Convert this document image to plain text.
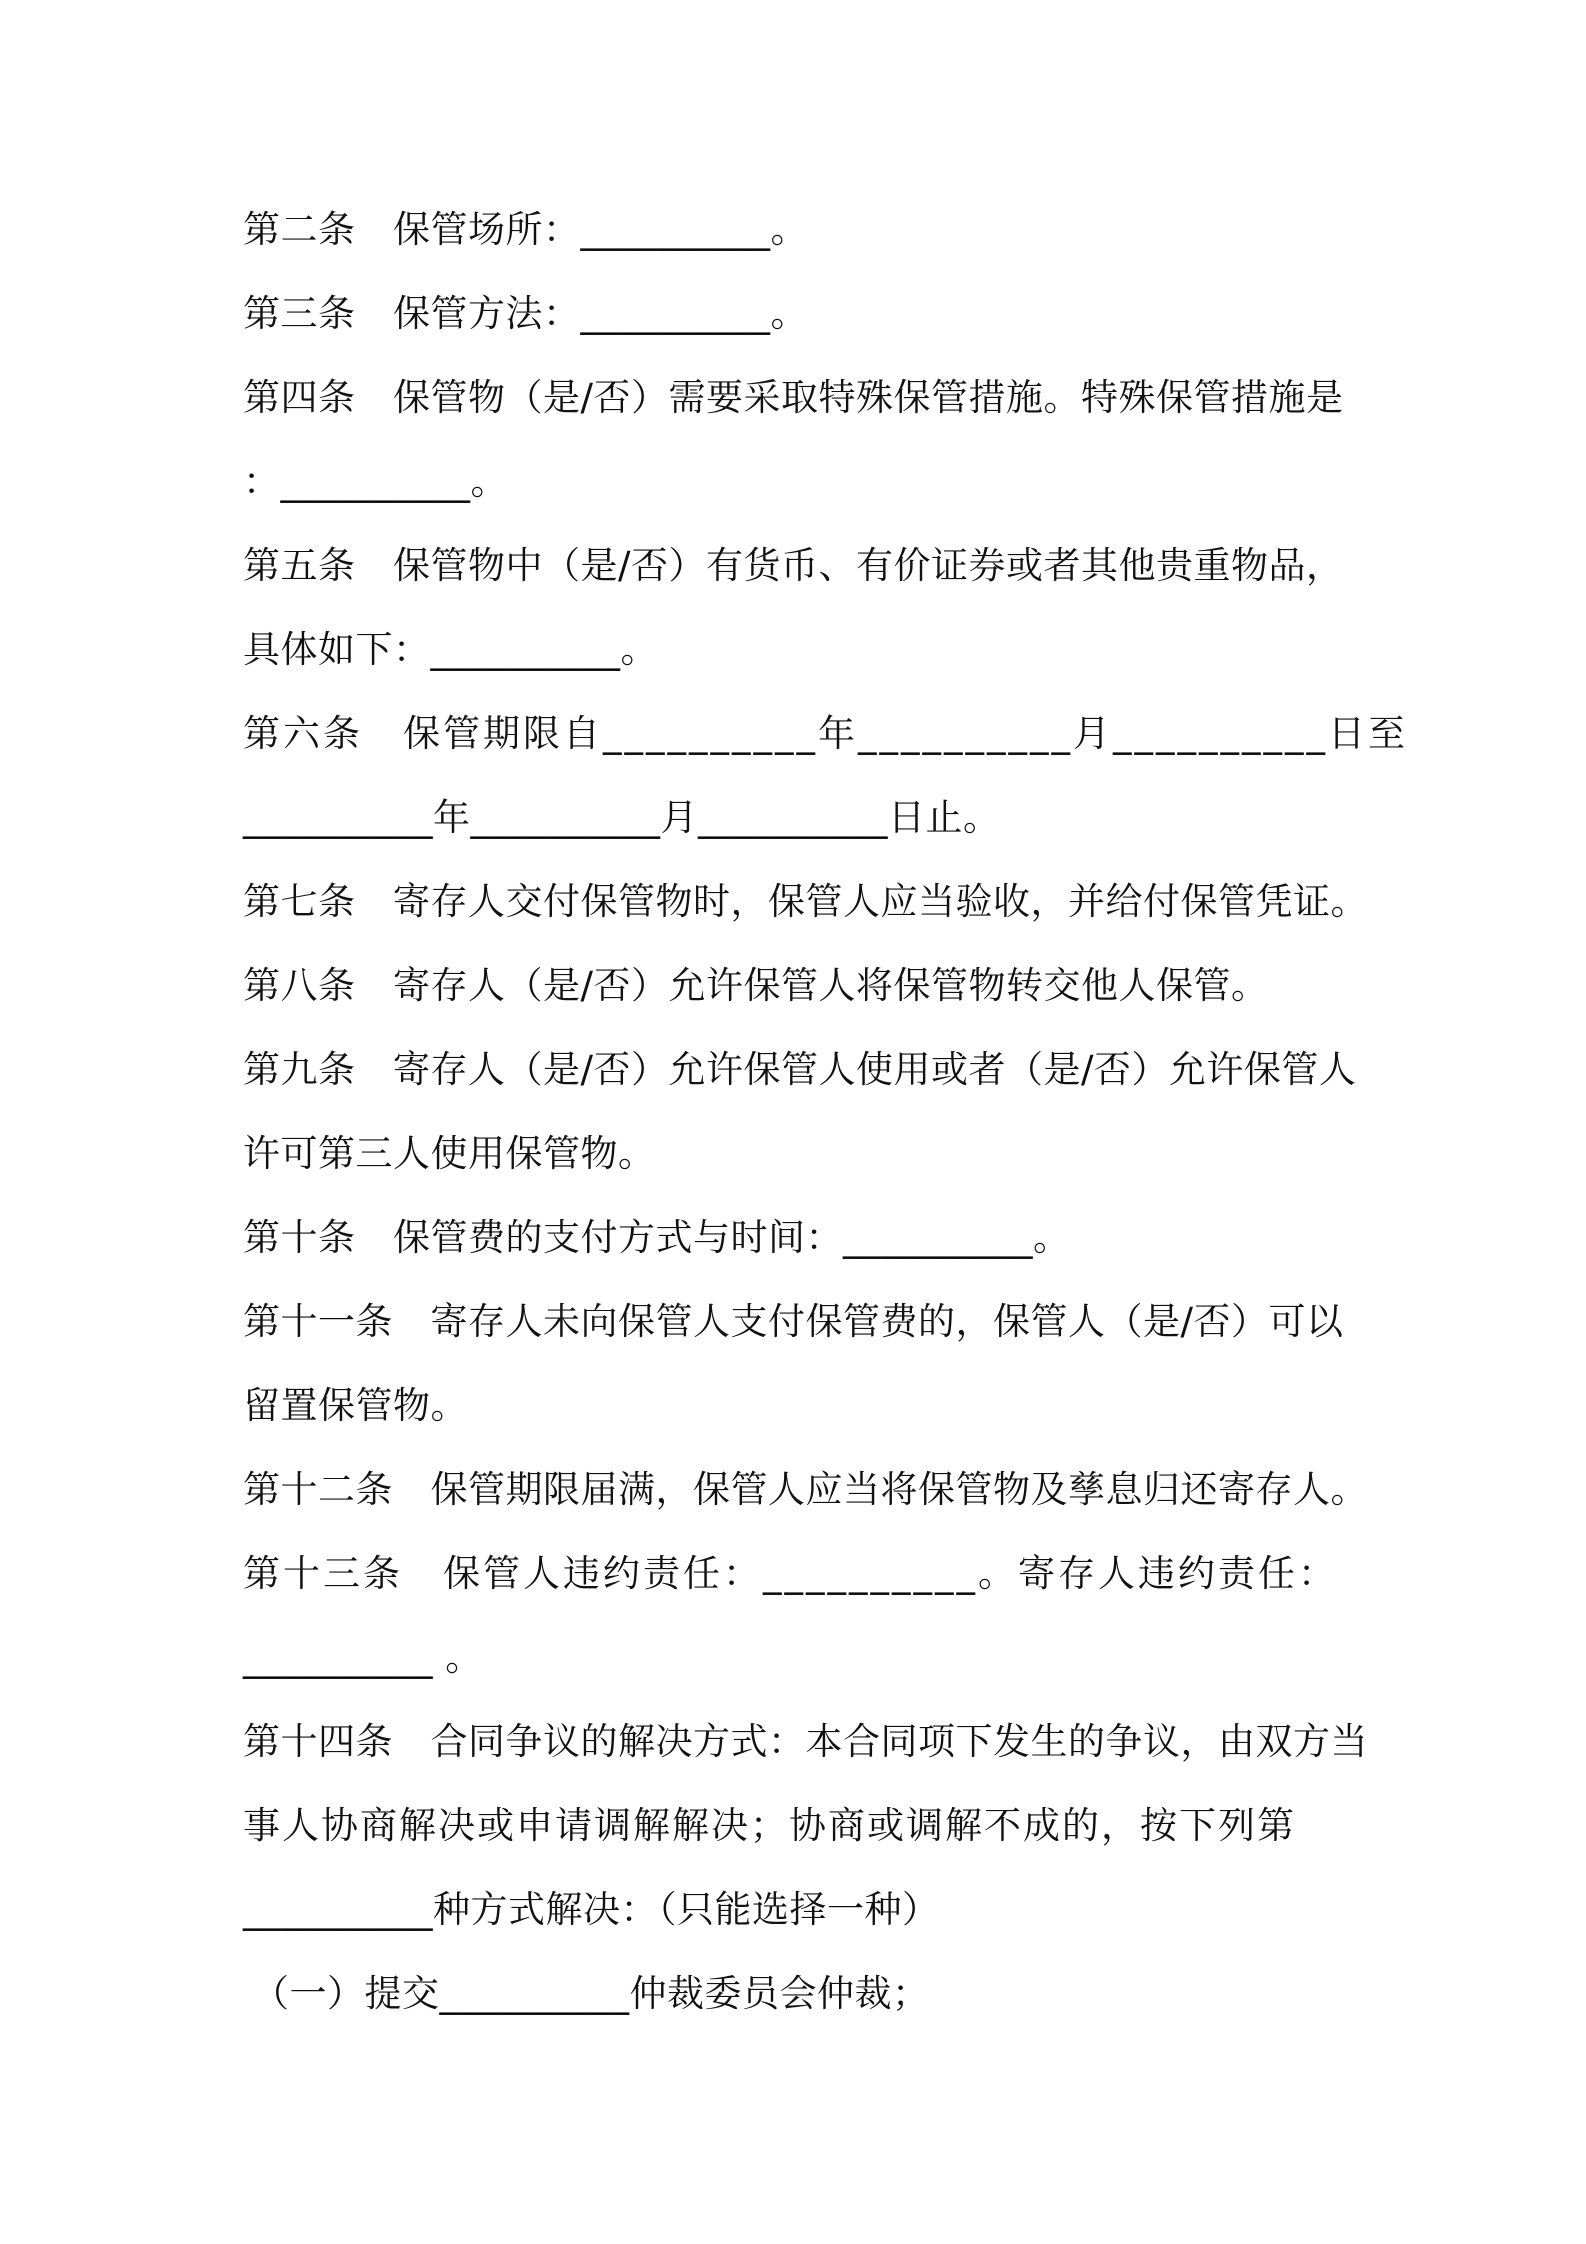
第二条　保管场所：__________。
第三条　保管方法：__________。
第四条　保管物（是/否）需要采取特殊保管措施。特殊保管措施是
：__________。
第五条　保管物中（是/否）有货币、有价证券或者其他贵重物品，
具体如下：__________。
第六条　保管期限自__________年__________月__________日至
__________年__________月__________日止。
第七条　寄存人交付保管物时，保管人应当验收，并给付保管凭证。
第八条　寄存人（是/否）允许保管人将保管物转交他人保管。
第九条　寄存人（是/否）允许保管人使用或者（是/否）允许保管人
许可第三人使用保管物。
第十条　保管费的支付方式与时间：__________。
第十一条　寄存人未向保管人支付保管费的，保管人（是/否）可以
留置保管物。
第十二条　保管期限届满，保管人应当将保管物及孳息归还寄存人。
第十三条　保管人违约责任：__________。寄存人违约责任：
__________ 。
第十四条　合同争议的解决方式：本合同项下发生的争议，由双方当
事人协商解决或申请调解解决；协商或调解不成的，按下列第
__________种方式解决：（只能选择一种）
（一）提交__________仲裁委员会仲裁；
